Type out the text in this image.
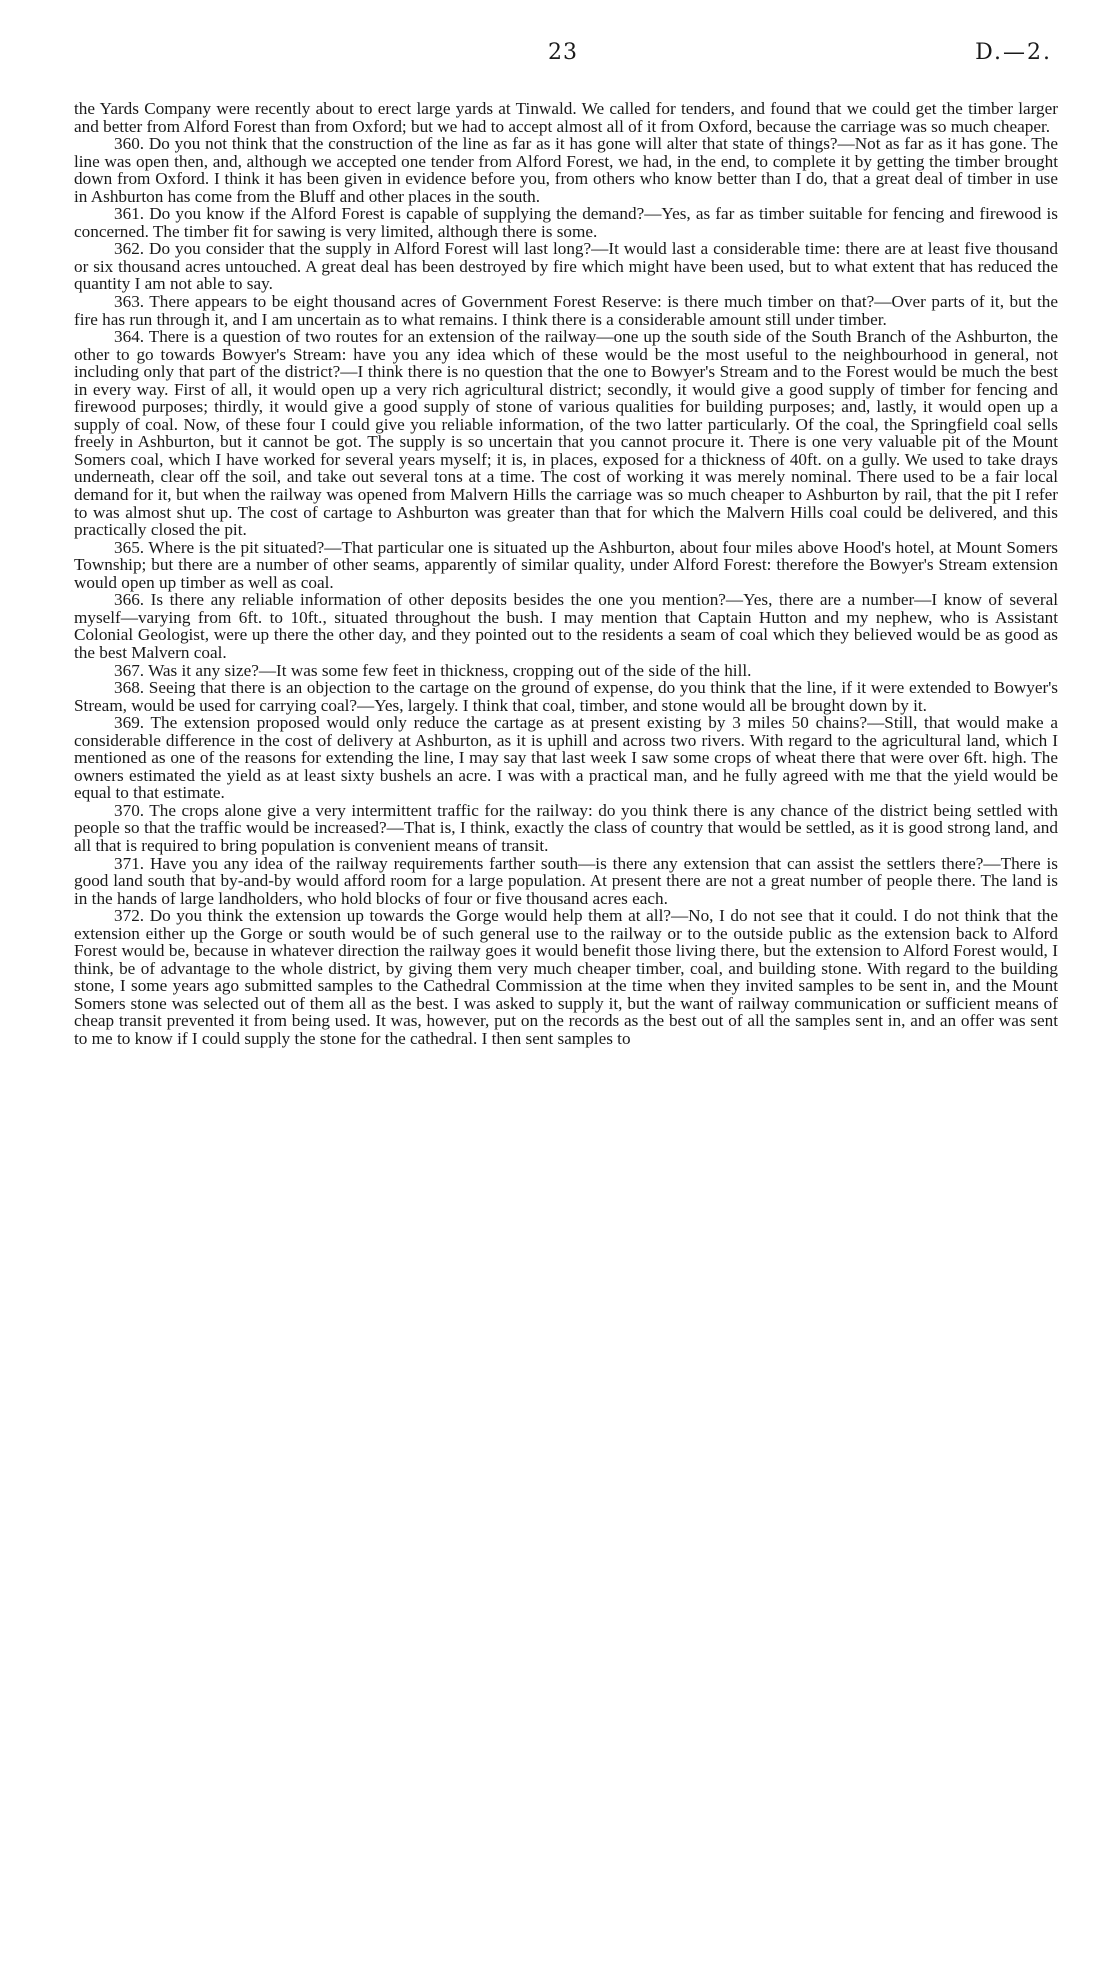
23	D.—2.

the Yards Company were recently about to erect large yards at Tinwald. We called for tenders, and found that we could get the timber larger and better from Alford Forest than from Oxford; but we had to accept almost all of it from Oxford, because the carriage was so much cheaper.

360. Do you not think that the construction of the line as far as it has gone will alter that state of things?—Not as far as it has gone. The line was open then, and, although we accepted one tender from Alford Forest, we had, in the end, to complete it by getting the timber brought down from Oxford. I think it has been given in evidence before you, from others who know better than I do, that a great deal of timber in use in Ashburton has come from the Bluff and other places in the south.

361. Do you know if the Alford Forest is capable of supplying the demand?—Yes, as far as timber suitable for fencing and firewood is concerned. The timber fit for sawing is very limited, although there is some.

362. Do you consider that the supply in Alford Forest will last long?—It would last a considerable time: there are at least five thousand or six thousand acres untouched. A great deal has been destroyed by fire which might have been used, but to what extent that has reduced the quantity I am not able to say.

363. There appears to be eight thousand acres of Government Forest Reserve: is there much timber on that?—Over parts of it, but the fire has run through it, and I am uncertain as to what remains. I think there is a considerable amount still under timber.

364. There is a question of two routes for an extension of the railway—one up the south side of the South Branch of the Ashburton, the other to go towards Bowyer's Stream: have you any idea which of these would be the most useful to the neighbourhood in general, not including only that part of the district?—I think there is no question that the one to Bowyer's Stream and to the Forest would be much the best in every way. First of all, it would open up a very rich agricultural district; secondly, it would give a good supply of timber for fencing and firewood purposes; thirdly, it would give a good supply of stone of various qualities for building purposes; and, lastly, it would open up a supply of coal. Now, of these four I could give you reliable information, of the two latter particularly. Of the coal, the Springfield coal sells freely in Ashburton, but it cannot be got. The supply is so uncertain that you cannot procure it. There is one very valuable pit of the Mount Somers coal, which I have worked for several years myself; it is, in places, exposed for a thickness of 40ft. on a gully. We used to take drays underneath, clear off the soil, and take out several tons at a time. The cost of working it was merely nominal. There used to be a fair local demand for it, but when the railway was opened from Malvern Hills the carriage was so much cheaper to Ashburton by rail, that the pit I refer to was almost shut up. The cost of cartage to Ashburton was greater than that for which the Malvern Hills coal could be delivered, and this practically closed the pit.

365. Where is the pit situated?—That particular one is situated up the Ashburton, about four miles above Hood's hotel, at Mount Somers Township; but there are a number of other seams, apparently of similar quality, under Alford Forest: therefore the Bowyer's Stream extension would open up timber as well as coal.

366. Is there any reliable information of other deposits besides the one you mention?—Yes, there are a number—I know of several myself—varying from 6ft. to 10ft., situated throughout the bush. I may mention that Captain Hutton and my nephew, who is Assistant Colonial Geologist, were up there the other day, and they pointed out to the residents a seam of coal which they believed would be as good as the best Malvern coal.

367. Was it any size?—It was some few feet in thickness, cropping out of the side of the hill.

368. Seeing that there is an objection to the cartage on the ground of expense, do you think that the line, if it were extended to Bowyer's Stream, would be used for carrying coal?—Yes, largely. I think that coal, timber, and stone would all be brought down by it.

369. The extension proposed would only reduce the cartage as at present existing by 3 miles 50 chains?—Still, that would make a considerable difference in the cost of delivery at Ashburton, as it is uphill and across two rivers. With regard to the agricultural land, which I mentioned as one of the reasons for extending the line, I may say that last week I saw some crops of wheat there that were over 6ft. high. The owners estimated the yield as at least sixty bushels an acre. I was with a practical man, and he fully agreed with me that the yield would be equal to that estimate.

370. The crops alone give a very intermittent traffic for the railway: do you think there is any chance of the district being settled with people so that the traffic would be increased?—That is, I think, exactly the class of country that would be settled, as it is good strong land, and all that is required to bring population is convenient means of transit.

371. Have you any idea of the railway requirements farther south—is there any extension that can assist the settlers there?—There is good land south that by-and-by would afford room for a large population. At present there are not a great number of people there. The land is in the hands of large landholders, who hold blocks of four or five thousand acres each.

372. Do you think the extension up towards the Gorge would help them at all?—No, I do not see that it could. I do not think that the extension either up the Gorge or south would be of such general use to the railway or to the outside public as the extension back to Alford Forest would be, because in whatever direction the railway goes it would benefit those living there, but the extension to Alford Forest would, I think, be of advantage to the whole district, by giving them very much cheaper timber, coal, and building stone. With regard to the building stone, I some years ago submitted samples to the Cathedral Commission at the time when they invited samples to be sent in, and the Mount Somers stone was selected out of them all as the best. I was asked to supply it, but the want of railway communication or sufficient means of cheap transit prevented it from being used. It was, however, put on the records as the best out of all the samples sent in, and an offer was sent to me to know if I could supply the stone for the cathedral. I then sent samples to
